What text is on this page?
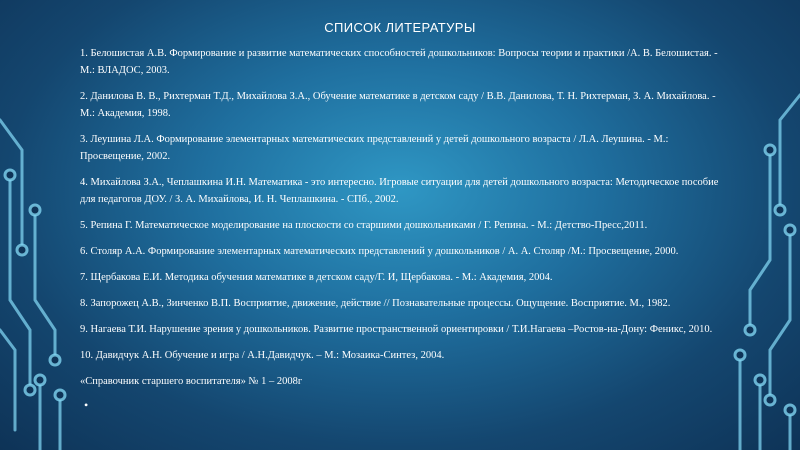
СПИСОК ЛИТЕРАТУРЫ
1. Белошистая А.В. Формирование и развитие математических способностей дошкольников: Вопросы теории и практики /А. В. Белошистая. - М.: ВЛАДОС, 2003.
2. Данилова В. В., Рихтерман Т.Д., Михайлова З.А., Обучение математике в детском саду / В.В. Данилова, Т. Н. Рихтерман, З. А. Михайлова. - М.: Академия, 1998.
3. Леушина Л.А. Формирование элементарных математических представлений у детей дошкольного возраста / Л.А. Леушина. - М.: Просвещение, 2002.
4. Михайлова З.А., Чеплашкина И.Н. Математика - это интересно. Игровые ситуации для детей дошкольного возраста: Методическое пособие для педагогов ДОУ. / З. А. Михайлова, И. Н. Чеплашкина. - СПб., 2002.
5. Репина Г. Математическое моделирование на плоскости со старшими дошкольниками / Г. Репина. - М.: Детство-Пресс,2011.
6. Столяр А.А. Формирование элементарных математических представлений у дошкольников / А. А. Столяр /М.: Просвещение, 2000.
7. Щербакова Е.И. Методика обучения математике в детском саду/Г. И, Щербакова. - М.: Академия, 2004.
8. Запорожец А.В., Зинченко В.П. Восприятие, движение, действие // Познавательные процессы. Ощущение. Восприятие. М., 1982.
9. Нагаева Т.И. Нарушение зрения у дошкольников. Развитие пространственной ориентировки / Т.И.Нагаева –Ростов-на-Дону: Феникс, 2010.
10. Давидчук А.Н. Обучение и игра / А.Н.Давидчук. – М.: Мозаика-Синтез, 2004.
«Справочник старшего воспитателя» № 1 – 2008г
•
